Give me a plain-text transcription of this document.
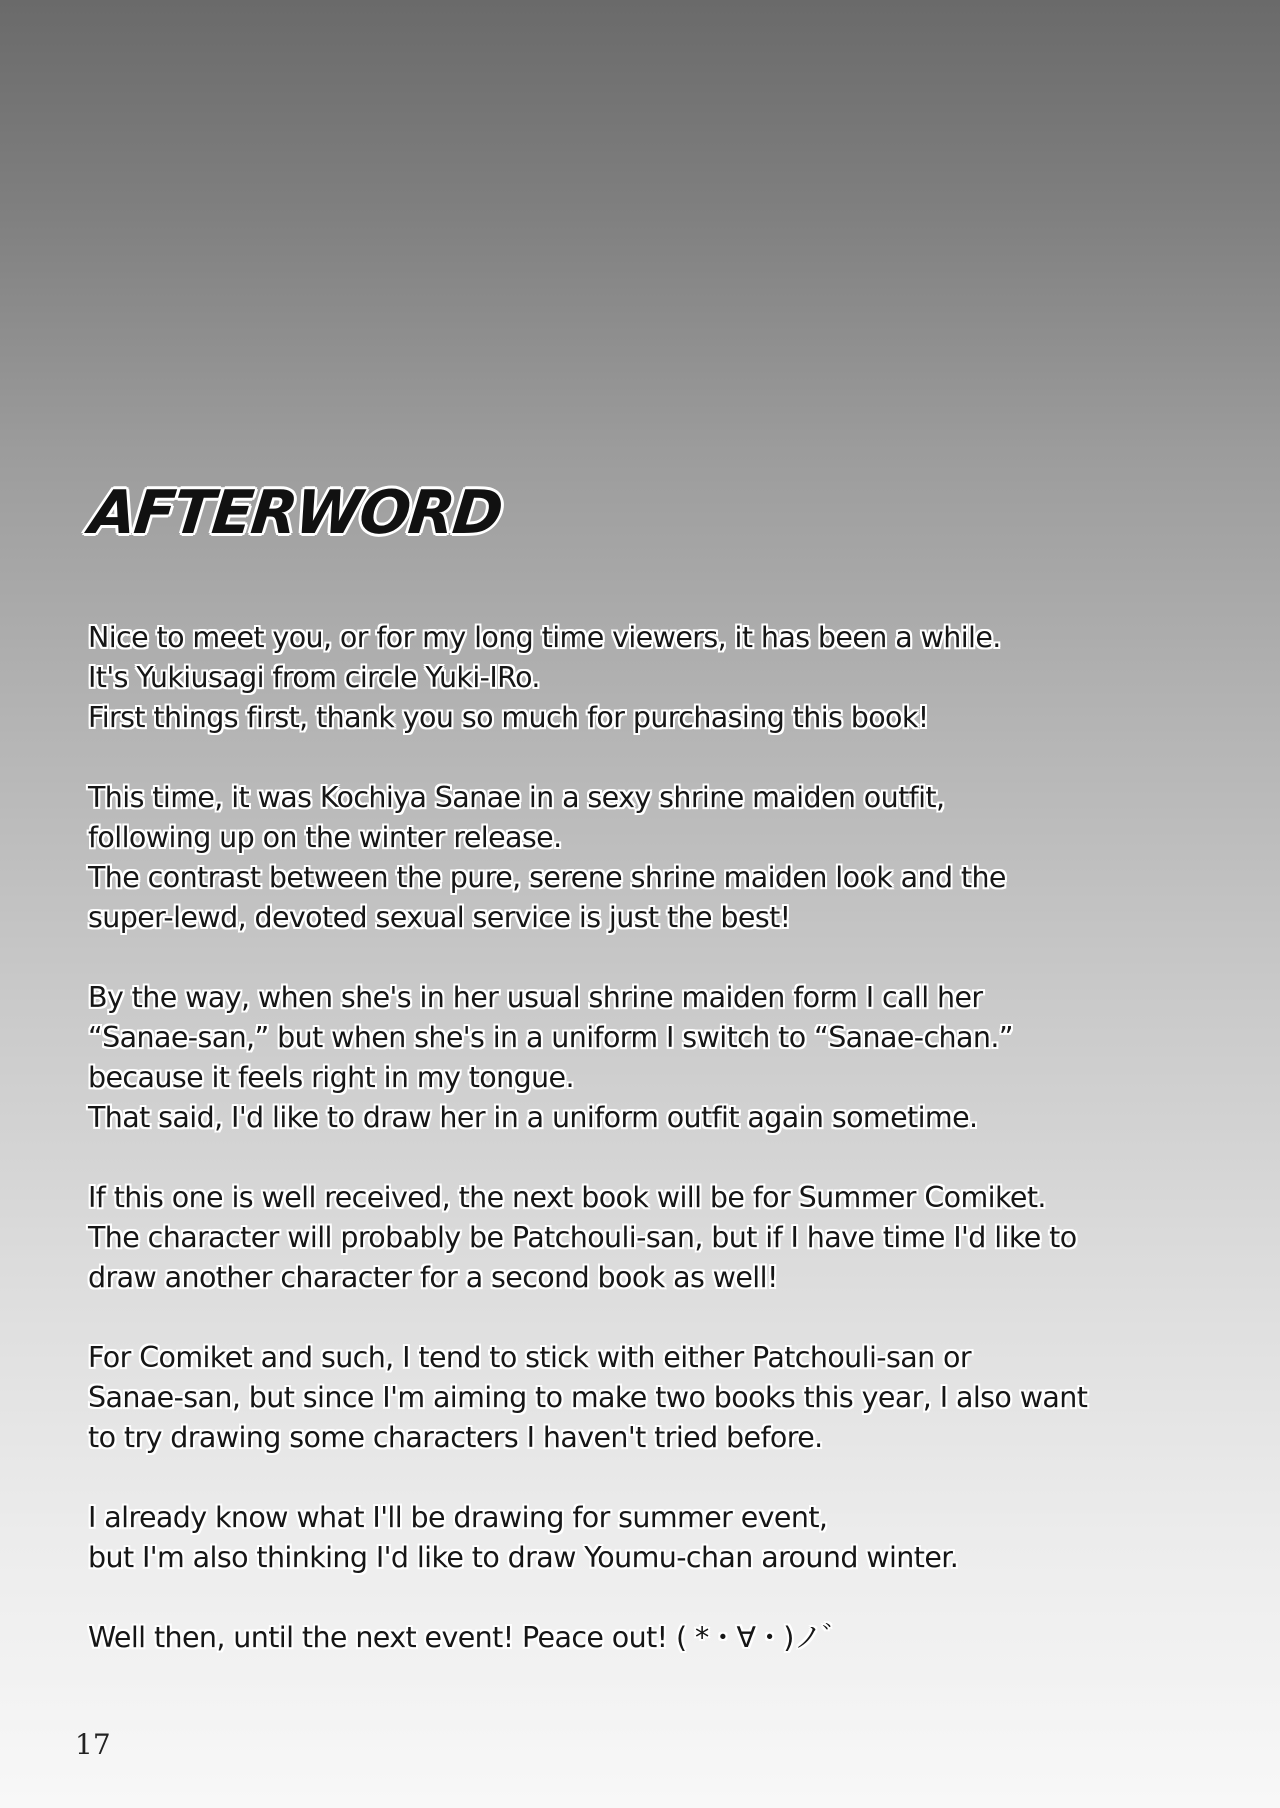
AFTERWORD
Nice to meet you, or for my long time viewers, it has been a while.
It's Yukiusagi from circle Yuki-IRo.
First things first, thank you so much for purchasing this book!
This time, it was Kochiya Sanae in a sexy shrine maiden outfit,
following up on the winter release.
The contrast between the pure, serene shrine maiden look and the
super-lewd, devoted sexual service is just the best!
By the way, when she's in her usual shrine maiden form I call her
“Sanae-san,” but when she's in a uniform I switch to “Sanae-chan.”
because it feels right in my tongue.
That said, I'd like to draw her in a uniform outfit again sometime.
If this one is well received, the next book will be for Summer Comiket.
The character will probably be Patchouli-san, but if I have time I'd like to
draw another character for a second book as well!
For Comiket and such, I tend to stick with either Patchouli-san or
Sanae-san, but since I'm aiming to make two books this year, I also want
to try drawing some characters I haven't tried before.
I already know what I'll be drawing for summer event,
but I'm also thinking I'd like to draw Youmu-chan around winter.
Well then, until the next event! Peace out! ( *・∀・)ノ゛
17
